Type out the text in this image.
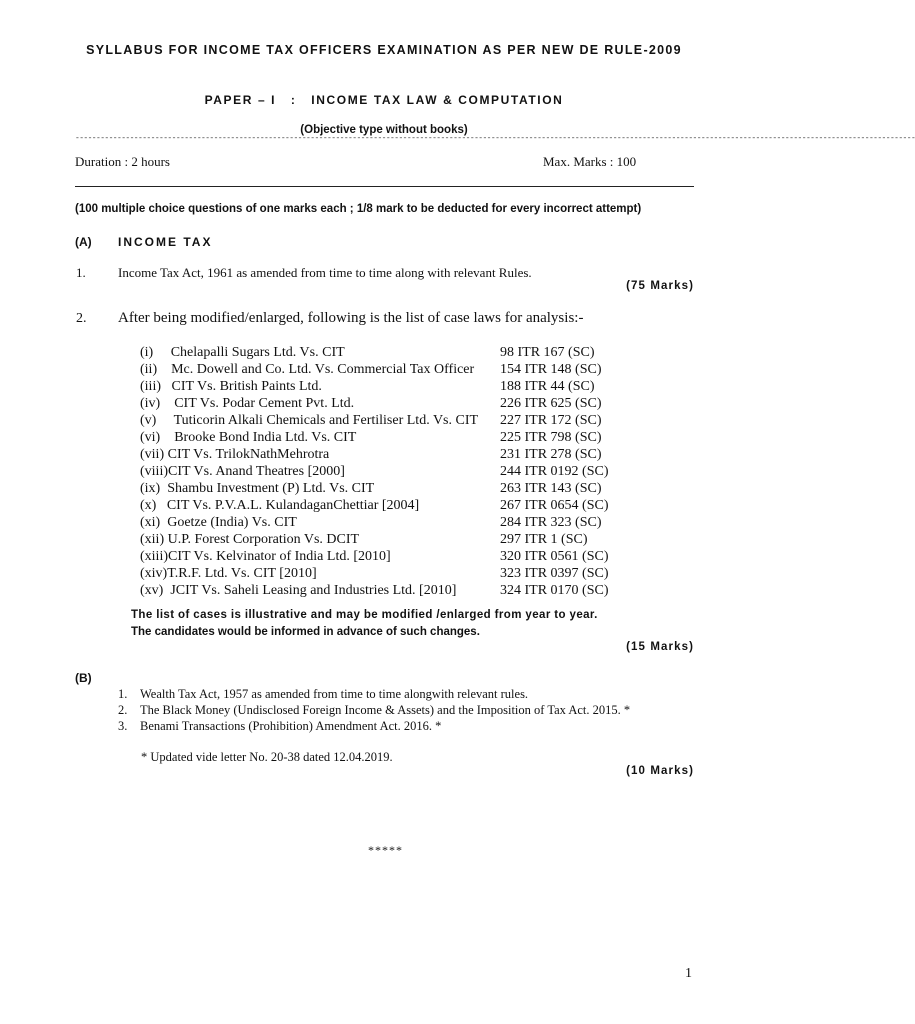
SYLLABUS FOR INCOME TAX OFFICERS EXAMINATION AS PER NEW DE RULE-2009
PAPER – I   :   INCOME TAX LAW & COMPUTATION
(Objective type without books)
--------------------------------------------------------------------------------------------------------------------------------------------------------------------------------------------------------
Duration : 2 hours	Max. Marks : 100
(100 multiple choice questions of one marks each ; 1/8 mark to be deducted for every incorrect attempt)
(A) INCOME TAX
1. Income Tax Act, 1961 as amended from time to time along with relevant Rules.
(75 Marks)
2. After being modified/enlarged, following is the list of case laws for analysis:-
(i)     Chelapalli Sugars Ltd. Vs. CIT	98 ITR 167 (SC)
(ii)    Mc. Dowell and Co. Ltd. Vs. Commercial Tax Officer 154 ITR 148 (SC)
(iii)   CIT Vs. British Paints Ltd.	188 ITR 44 (SC)
(iv)    CIT Vs. Podar Cement Pvt. Ltd.	226 ITR 625 (SC)
(v)     Tuticorin Alkali Chemicals and Fertiliser Ltd. Vs. CIT 227 ITR 172 (SC)
(vi)    Brooke Bond India Ltd. Vs. CIT	225 ITR 798 (SC)
(vii) CIT Vs. TrilokNathMehrotra	231 ITR 278 (SC)
(viii)CIT Vs. Anand Theatres [2000]	244 ITR 0192 (SC)
(ix)  Shambu Investment (P) Ltd. Vs. CIT	263 ITR 143 (SC)
(x)   CIT Vs. P.V.A.L. KulandaganChettiar [2004]	267 ITR 0654 (SC)
(xi)  Goetze (India) Vs. CIT	284 ITR 323 (SC)
(xii) U.P. Forest Corporation Vs. DCIT	297 ITR 1 (SC)
(xiii)CIT Vs. Kelvinator of India Ltd. [2010]	320 ITR 0561 (SC)
(xiv)T.R.F. Ltd. Vs. CIT [2010]	323 ITR 0397 (SC)
(xv)  JCIT Vs. Saheli Leasing and Industries Ltd. [2010]	324 ITR 0170 (SC)
The list of cases is illustrative and may be modified /enlarged from year to year.
The candidates would be informed in advance of such changes.
(15 Marks)
(B)
1. Wealth Tax Act, 1957 as amended from time to time alongwith relevant rules.
2. The Black Money (Undisclosed Foreign Income & Assets) and the Imposition of Tax Act. 2015. *
3. Benami Transactions (Prohibition) Amendment Act. 2016. *
* Updated vide letter No. 20-38 dated 12.04.2019.
(10 Marks)
*****
1
